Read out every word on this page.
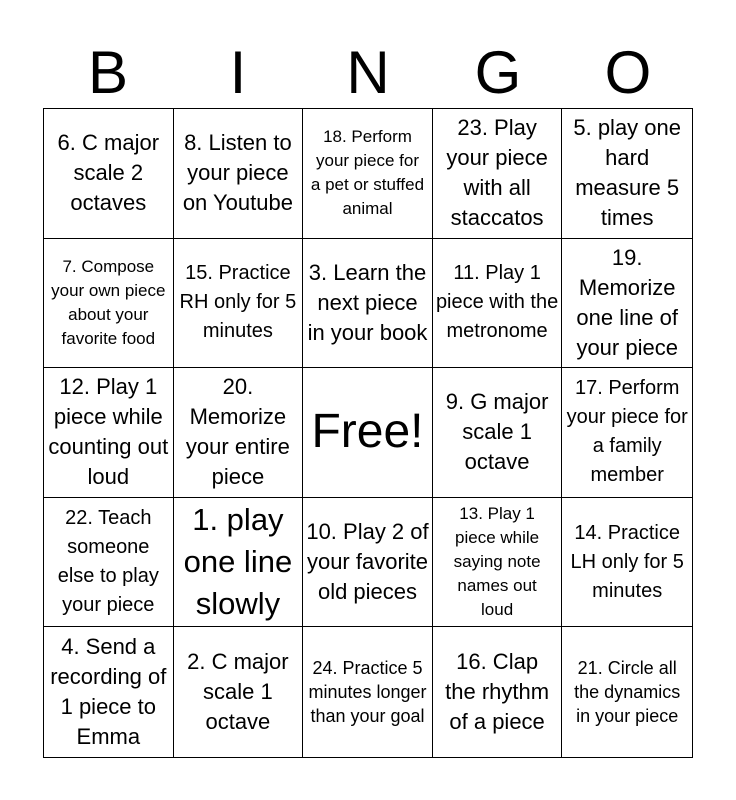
B	I	N	G	O
6. C major scale 2 octaves
8. Listen to your piece on Youtube
18. Perform your piece for a pet or stuffed animal
23. Play your piece with all staccatos
5. play one hard measure 5 times
7. Compose your own piece about your favorite food
15. Practice RH only for 5 minutes
3. Learn the next piece in your book
11. Play 1 piece with the metronome
19. Memorize one line of your piece
12. Play 1 piece while counting out loud
20. Memorize your entire piece
Free!
9. G major scale 1 octave
17. Perform your piece for a family member
22. Teach someone else to play your piece
1. play one line slowly
10. Play 2 of your favorite old pieces
13. Play 1 piece while saying note names out loud
14. Practice LH only for 5 minutes
4. Send a recording of 1 piece to Emma
2. C major scale 1 octave
24. Practice 5 minutes longer than your goal
16. Clap the rhythm of a piece
21. Circle all the dynamics in your piece
